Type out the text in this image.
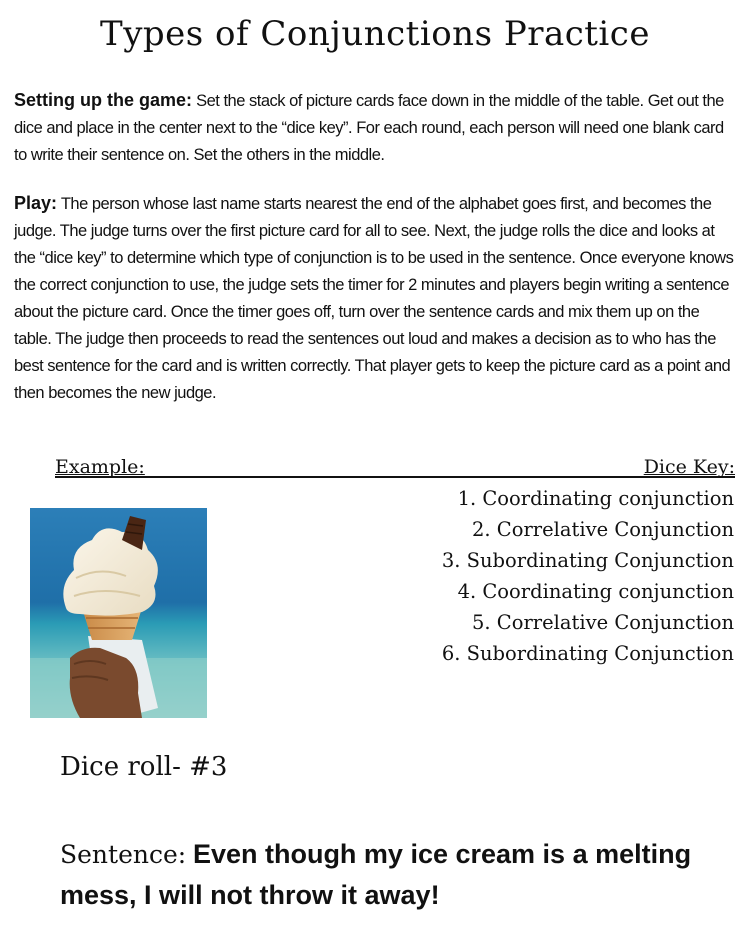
Types of Conjunctions Practice

Setting up the game: Set the stack of picture cards face down in the middle of the table. Get out the dice and place in the center next to the “dice key”. For each round, each person will need one blank card to write their sentence on. Set the others in the middle.

Play: The person whose last name starts nearest the end of the alphabet goes first, and becomes the judge. The judge turns over the first picture card for all to see. Next, the judge rolls the dice and looks at the “dice key” to determine which type of conjunction is to be used in the sentence. Once everyone knows the correct conjunction to use, the judge sets the timer for 2 minutes and players begin writing a sentence about the picture card. Once the timer goes off, turn over the sentence cards and mix them up on the table. The judge then proceeds to read the sentences out loud and makes a decision as to who has the best sentence for the card and is written correctly. That player gets to keep the picture card as a point and then becomes the new judge.

Example:	Dice Key:
1. Coordinating conjunction
2. Correlative Conjunction
3. Subordinating Conjunction
4. Coordinating conjunction
5. Correlative Conjunction
6. Subordinating Conjunction

Dice roll- #3

Sentence: Even though my ice cream is a melting mess, I will not throw it away!
